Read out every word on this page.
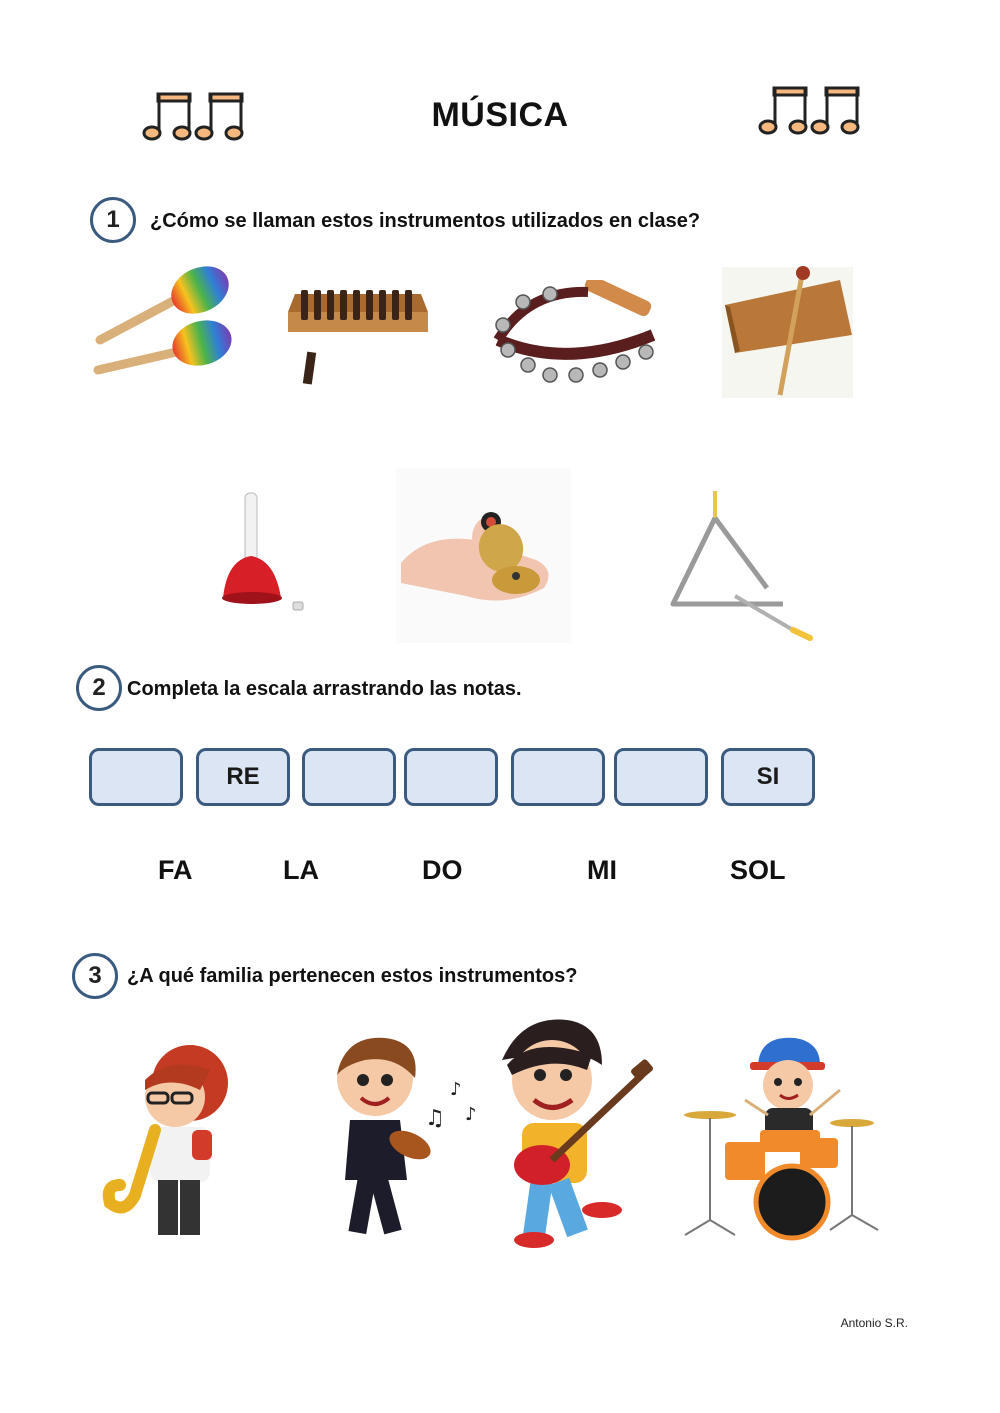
MÚSICA
1	¿Cómo se llaman estos instrumentos utilizados en clase?
2	Completa la escala arrastrando las notas.
RE	SI
FA	LA	DO	MI	SOL
3	¿A qué familia pertenecen estos instrumentos?
♫
♪
♪
Antonio S.R.
